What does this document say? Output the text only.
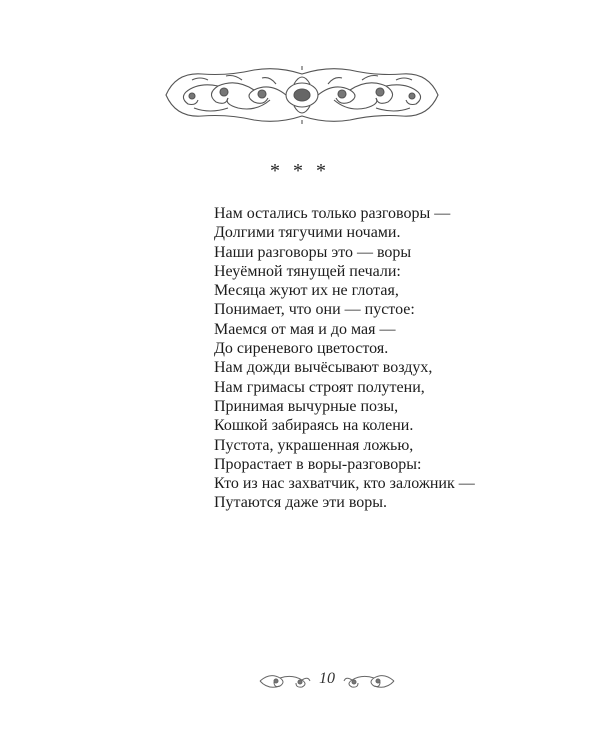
* * *
Нам остались только разговоры —
Долгими тягучими ночами.
Наши разговоры это — воры
Неуёмной тянущей печали:
Месяца жуют их не глотая,
Понимает, что они — пустое:
Маемся от мая и до мая —
До сиреневого цветостоя.
Нам дожди вычёсывают воздух,
Нам гримасы строят полутени,
Принимая вычурные позы,
Кошкой забираясь на колени.
Пустота, украшенная ложью,
Прорастает в воры-разговоры:
Кто из нас захватчик, кто заложник —
Путаются даже эти воры.
10
